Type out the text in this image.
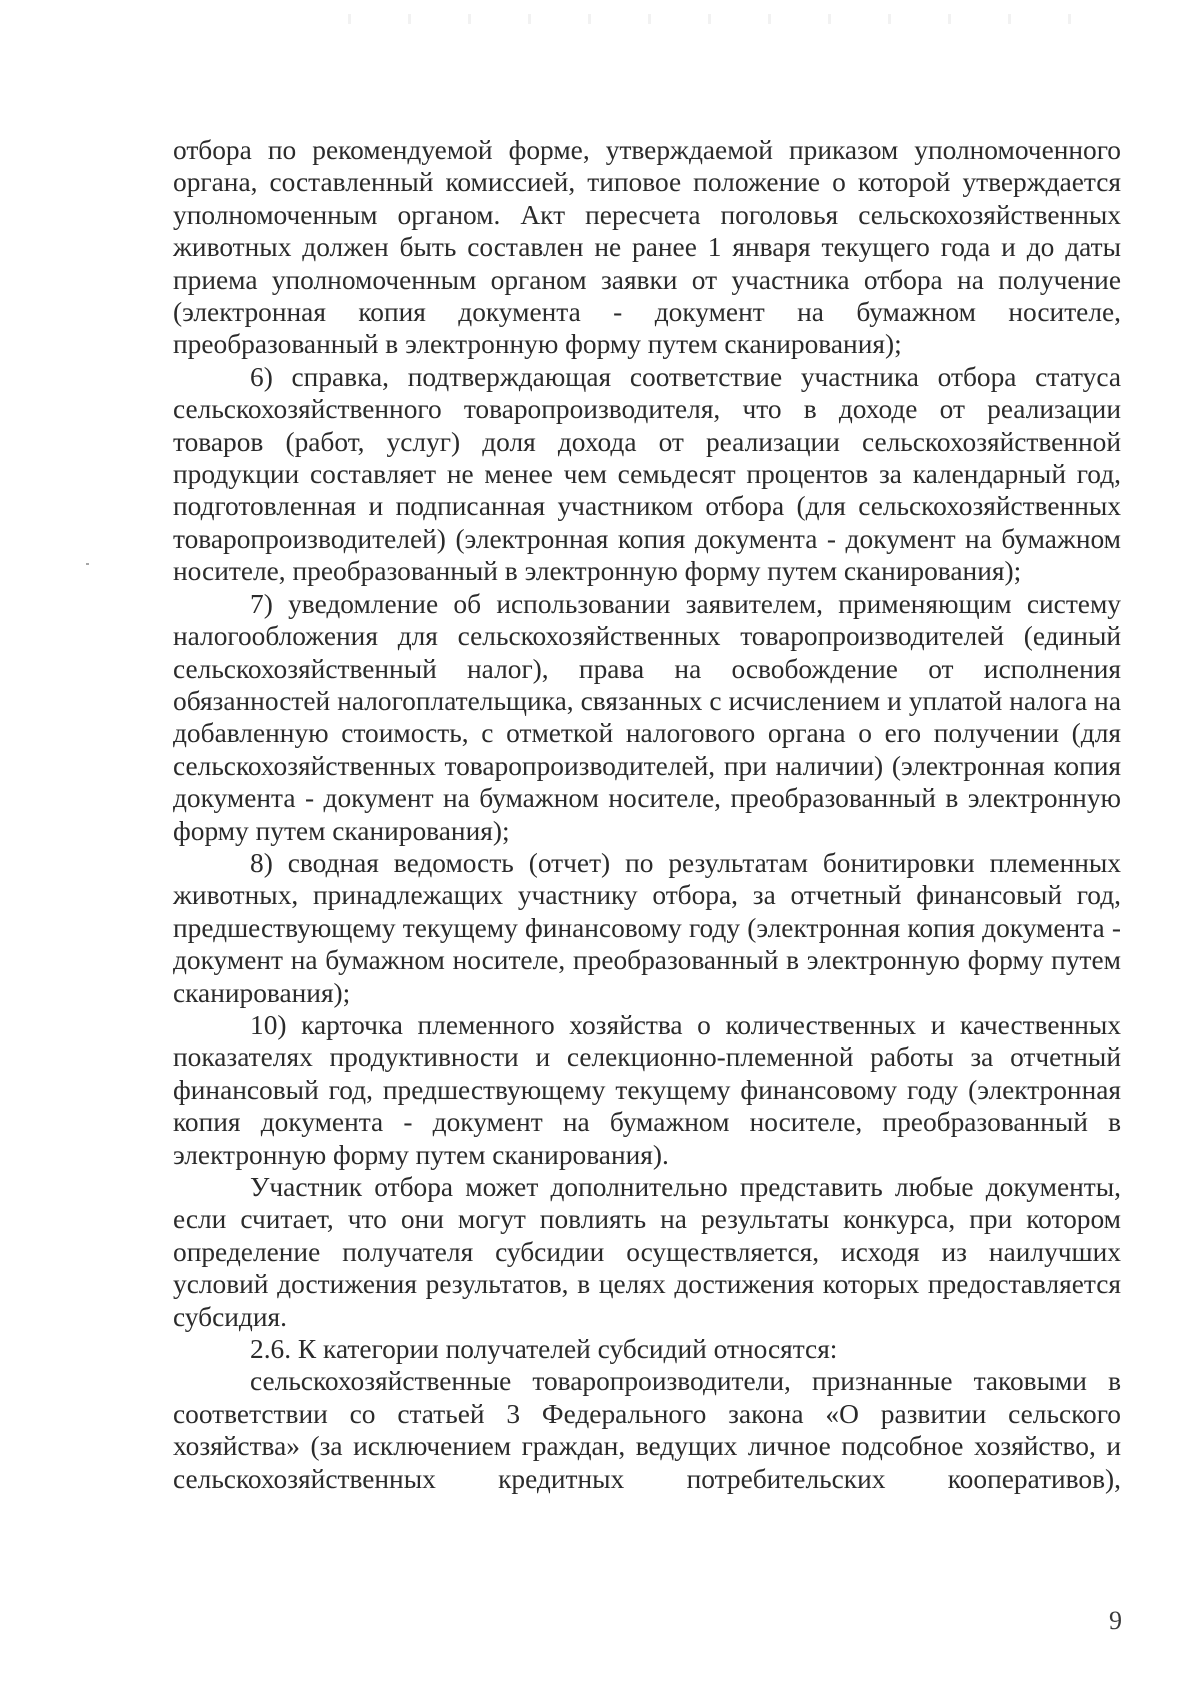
отбора по рекомендуемой форме, утверждаемой приказом уполномоченного органа, составленный комиссией, типовое положение о которой утверждается уполномоченным органом. Акт пересчета поголовья сельскохозяйственных животных должен быть составлен не ранее 1 января текущего года и до даты приема уполномоченным органом заявки от участника отбора на получение (электронная копия документа - документ на бумажном носителе, преобразованный в электронную форму путем сканирования);

6) справка, подтверждающая соответствие участника отбора статуса сельскохозяйственного товаропроизводителя, что в доходе от реализации товаров (работ, услуг) доля дохода от реализации сельскохозяйственной продукции составляет не менее чем семьдесят процентов за календарный год, подготовленная и подписанная участником отбора (для сельскохозяйственных товаропроизводителей) (электронная копия документа - документ на бумажном носителе, преобразованный в электронную форму путем сканирования);

7) уведомление об использовании заявителем, применяющим систему налогообложения для сельскохозяйственных товаропроизводителей (единый сельскохозяйственный налог), права на освобождение от исполнения обязанностей налогоплательщика, связанных с исчислением и уплатой налога на добавленную стоимость, с отметкой налогового органа о его получении (для сельскохозяйственных товаропроизводителей, при наличии) (электронная копия документа - документ на бумажном носителе, преобразованный в электронную форму путем сканирования);

8) сводная ведомость (отчет) по результатам бонитировки племенных животных, принадлежащих участнику отбора, за отчетный финансовый год, предшествующему текущему финансовому году (электронная копия документа - документ на бумажном носителе, преобразованный в электронную форму путем сканирования);

10) карточка племенного хозяйства о количественных и качественных показателях продуктивности и селекционно-племенной работы за отчетный финансовый год, предшествующему текущему финансовому году (электронная копия документа - документ на бумажном носителе, преобразованный в электронную форму путем сканирования).

Участник отбора может дополнительно представить любые документы, если считает, что они могут повлиять на результаты конкурса, при котором определение получателя субсидии осуществляется, исходя из наилучших условий достижения результатов, в целях достижения которых предоставляется субсидия.

2.6. К категории получателей субсидий относятся:

сельскохозяйственные товаропроизводители, признанные таковыми в соответствии со статьей 3 Федерального закона «О развитии сельского хозяйства» (за исключением граждан, ведущих личное подсобное хозяйство, и сельскохозяйственных кредитных потребительских кооперативов),

9
